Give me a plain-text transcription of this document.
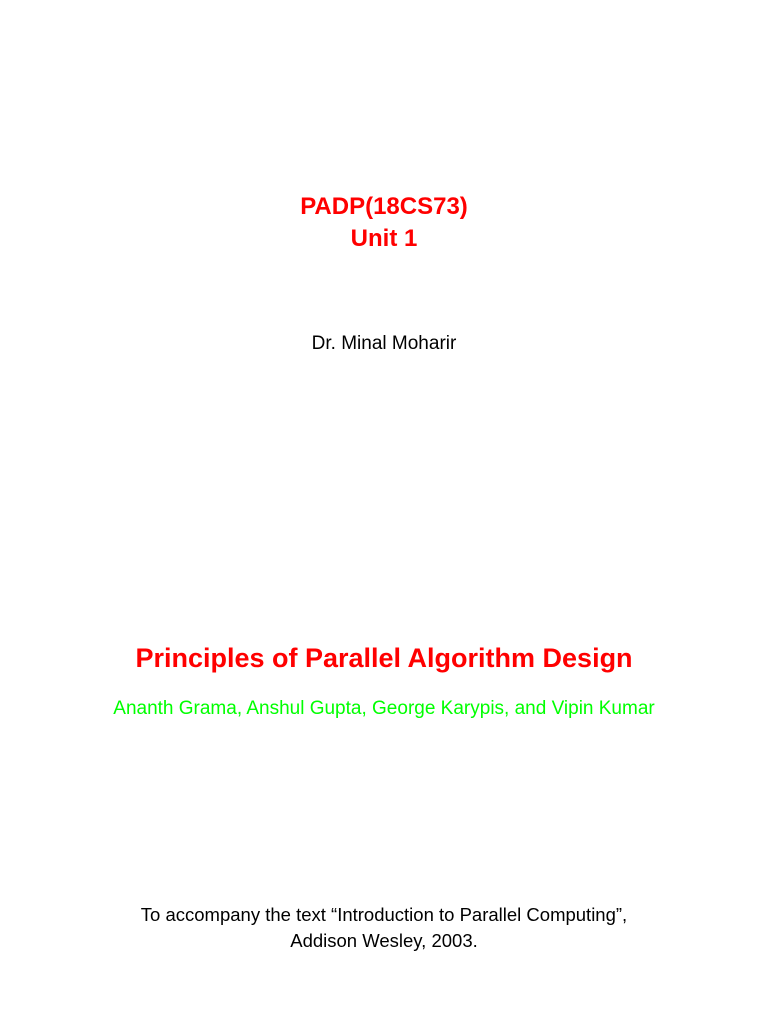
PADP(18CS73)
Unit 1
Dr. Minal Moharir
Principles of Parallel Algorithm Design
Ananth Grama, Anshul Gupta, George Karypis, and Vipin Kumar
To accompany the text “Introduction to Parallel Computing”,
Addison Wesley, 2003.
